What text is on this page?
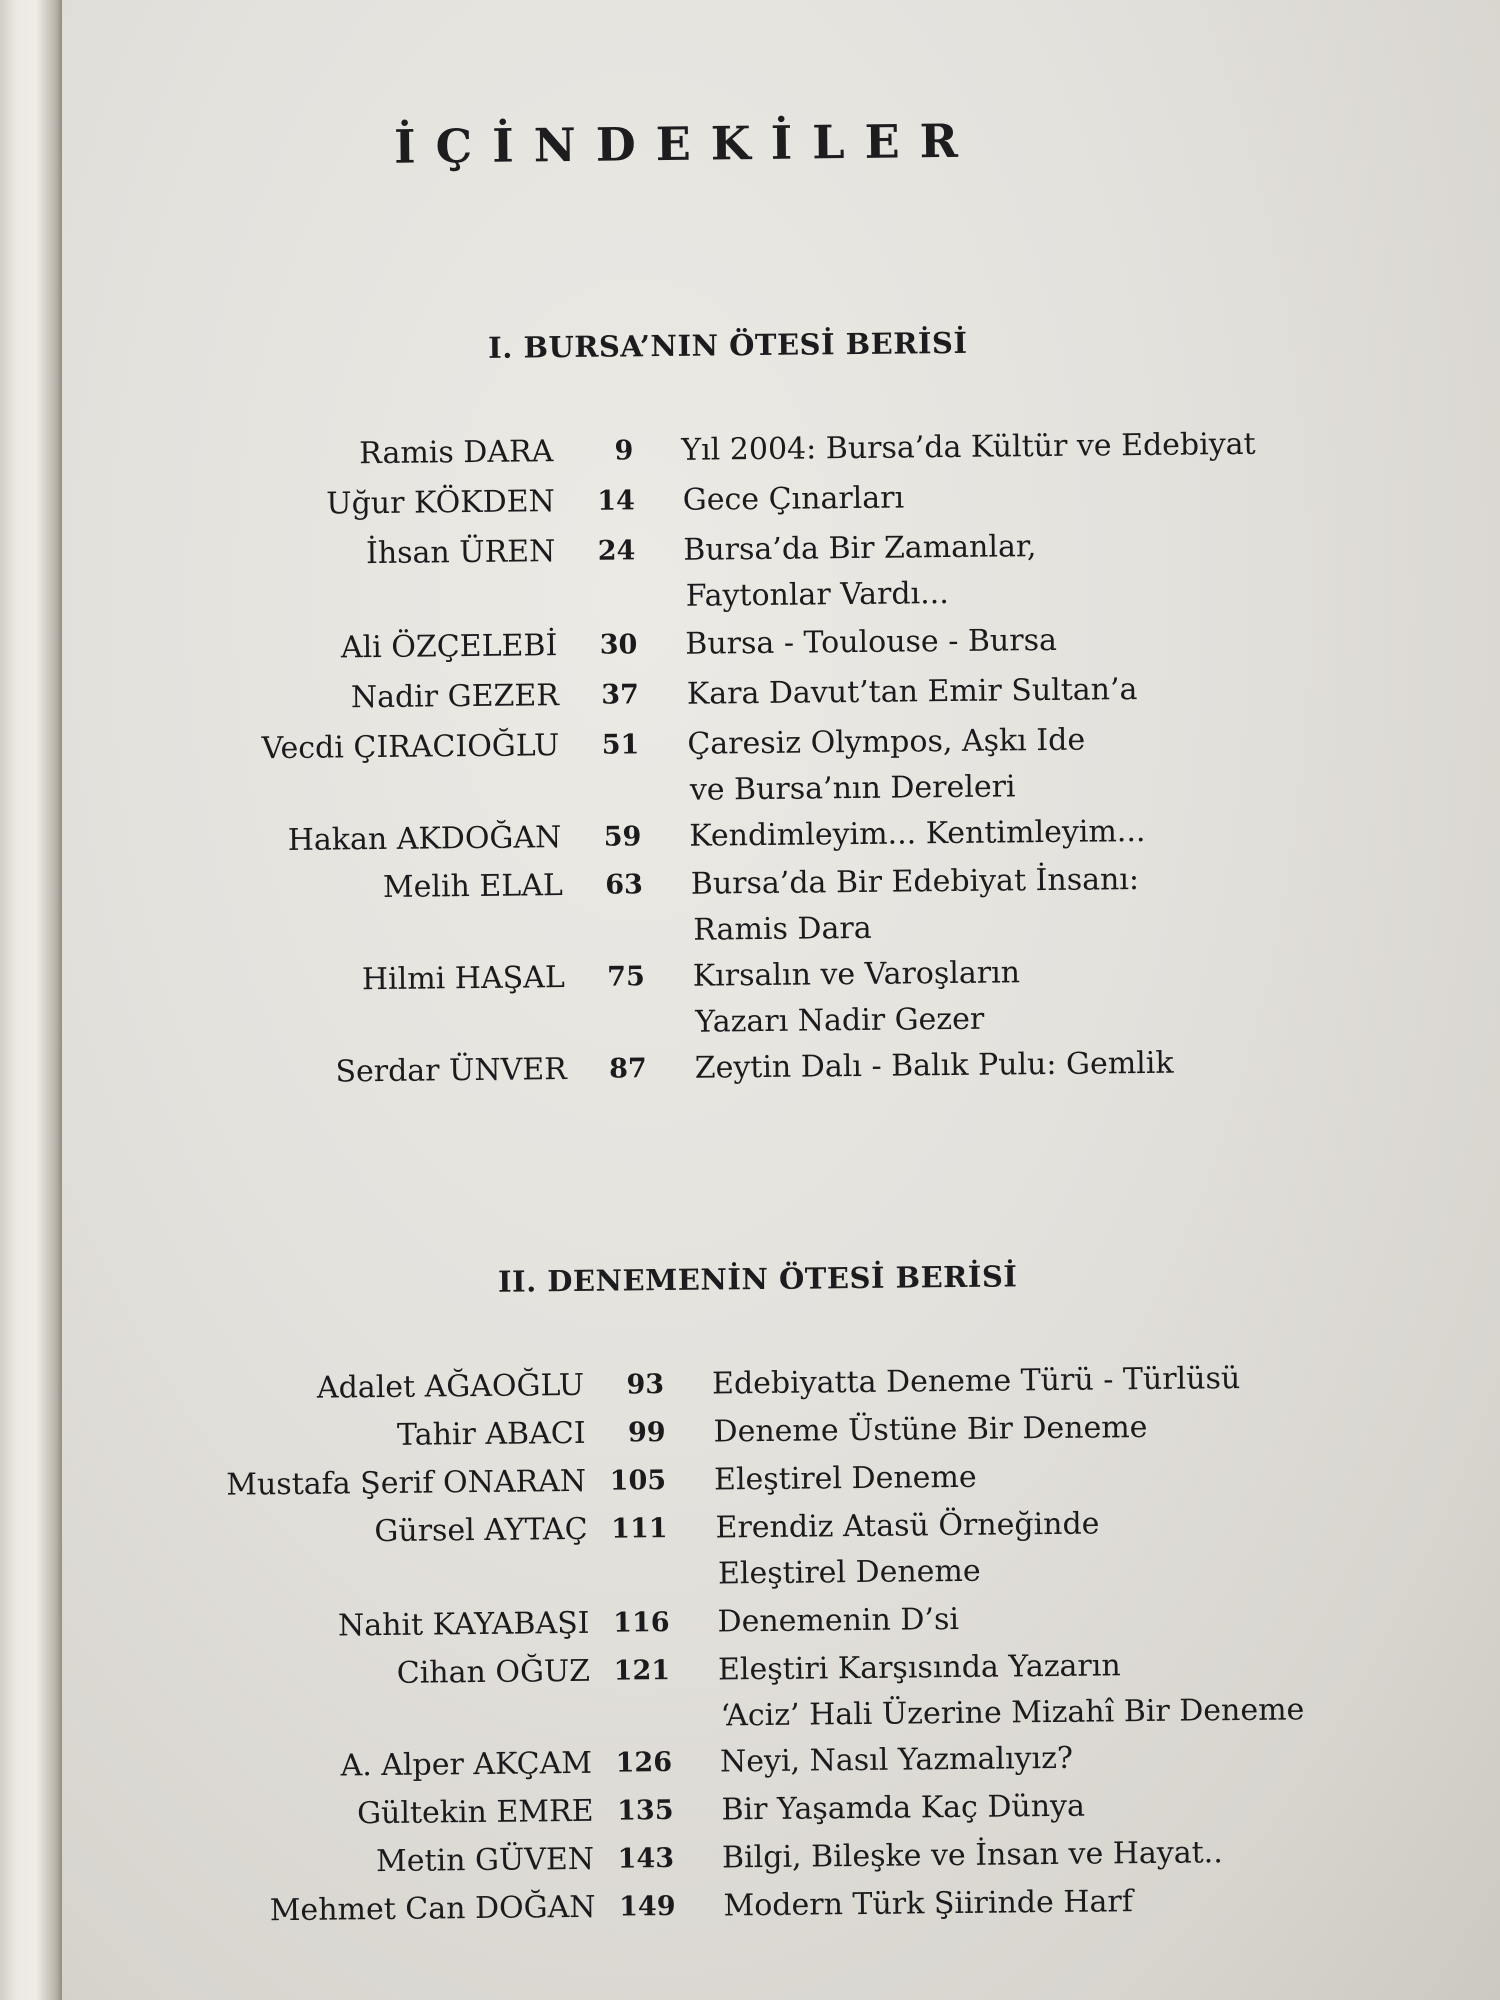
İÇİNDEKİLER
I. BURSA’NIN ÖTESİ BERİSİ
Ramis DARA	9 Yıl 2004: Bursa’da Kültür ve Edebiyat
Uğur KÖKDEN	14 Gece Çınarları
İhsan ÜREN	24 Bursa’da Bir Zamanlar,
Faytonlar Vardı...
Ali ÖZÇELEBİ	30 Bursa - Toulouse - Bursa
Nadir GEZER	37 Kara Davut’tan Emir Sultan’a
Vecdi ÇIRACIOĞLU	51 Çaresiz Olympos, Aşkı Ide
ve Bursa’nın Dereleri
Hakan AKDOĞAN	59 Kendimleyim... Kentimleyim...
Melih ELAL	63 Bursa’da Bir Edebiyat İnsanı:
Ramis Dara
Hilmi HAŞAL	75 Kırsalın ve Varoşların
Yazarı Nadir Gezer
Serdar ÜNVER	87 Zeytin Dalı - Balık Pulu: Gemlik
II. DENEMENİN ÖTESİ BERİSİ
Adalet AĞAOĞLU	93 Edebiyatta Deneme Türü - Türlüsü
Tahir ABACI	99 Deneme Üstüne Bir Deneme
Mustafa Şerif ONARAN 105 Eleştirel Deneme
Gürsel AYTAÇ 111 Erendiz Atasü Örneğinde
Eleştirel Deneme
Nahit KAYABAŞI 116 Denemenin D’si
Cihan OĞUZ 121 Eleştiri Karşısında Yazarın
‘Aciz’ Hali Üzerine Mizahî Bir Deneme
A. Alper AKÇAM 126 Neyi, Nasıl Yazmalıyız?
Gültekin EMRE 135 Bir Yaşamda Kaç Dünya
Metin GÜVEN 143 Bilgi, Bileşke ve İnsan ve Hayat..
Mehmet Can DOĞAN 149 Modern Türk Şiirinde Harf
